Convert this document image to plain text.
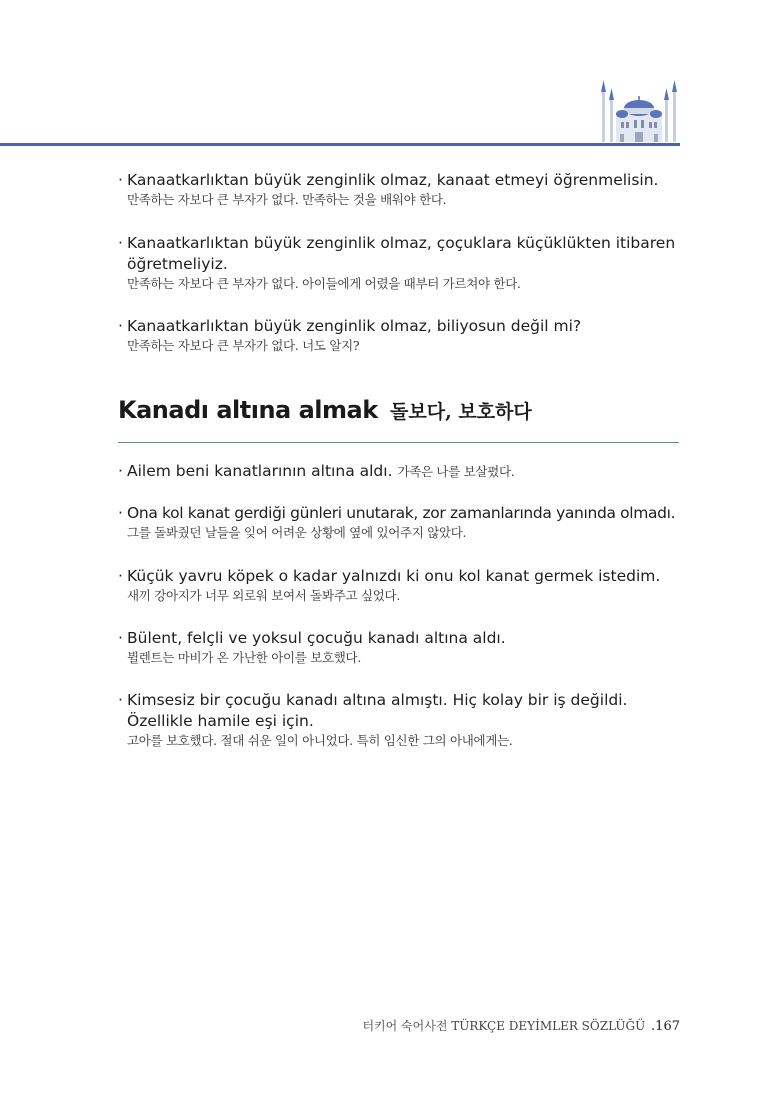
· Kanaatkarlıktan büyük zenginlik olmaz, kanaat etmeyi öğrenmelisin.

만족하는 자보다 큰 부자가 없다. 만족하는 것을 배워야 한다.

· Kanaatkarlıktan büyük zenginlik olmaz, çoçuklara küçüklükten itibaren öğretmeliyiz.

만족하는 자보다 큰 부자가 없다. 아이들에게 어렸을 때부터 가르쳐야 한다.

· Kanaatkarlıktan büyük zenginlik olmaz, biliyosun değil mi?

만족하는 자보다 큰 부자가 없다. 너도 알지?

Kanadı altına almak 돌보다, 보호하다

· Ailem beni kanatlarının altına aldı. 가족은 나를 보살폈다.

· Ona kol kanat gerdiği günleri unutarak, zor zamanlarında yanında olmadı.

그를 돌봐줬던 날들을 잊어 어려운 상황에 옆에 있어주지 않았다.

· Küçük yavru köpek o kadar yalnızdı ki onu kol kanat germek istedim.

새끼 강아지가 너무 외로워 보여서 돌봐주고 싶었다.

· Bülent, felçli ve yoksul çocuğu kanadı altına aldı.

뷜렌트는 마비가 온 가난한 아이를 보호했다.

· Kimsesiz bir çocuğu kanadı altına almıştı. Hiç kolay bir iş değildi. Özellikle hamile eşi için.

고아를 보호했다. 절대 쉬운 일이 아니었다. 특히 임신한 그의 아내에게는.

터키어 숙어사전 TÜRKÇE DEYİMLER SÖZLÜĞÜ .167
